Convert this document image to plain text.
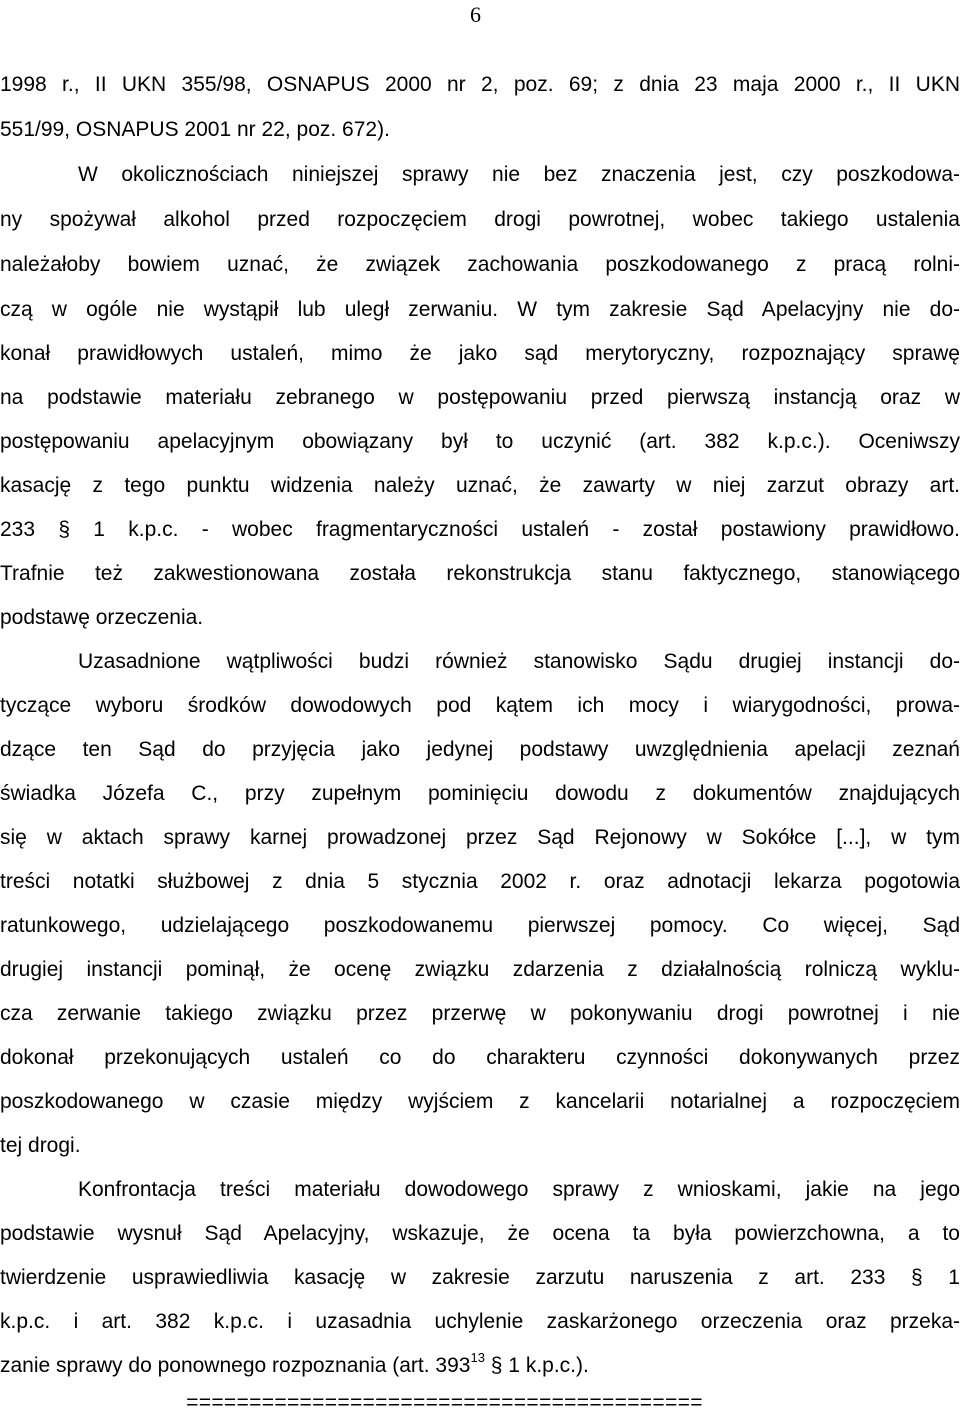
6
1998 r., II UKN 355/98, OSNAPUS 2000 nr 2, poz. 69; z dnia 23 maja 2000 r., II UKN
551/99, OSNAPUS 2001 nr 22, poz. 672).
W okolicznościach niniejszej sprawy nie bez znaczenia jest, czy poszkodowa-
ny spożywał alkohol przed rozpoczęciem drogi powrotnej, wobec takiego ustalenia
należałoby bowiem uznać, że związek zachowania poszkodowanego z pracą rolni-
czą w ogóle nie wystąpił lub uległ zerwaniu. W tym zakresie Sąd Apelacyjny nie do-
konał prawidłowych ustaleń, mimo że jako sąd merytoryczny, rozpoznający sprawę
na podstawie materiału zebranego w postępowaniu przed pierwszą instancją oraz w
postępowaniu apelacyjnym obowiązany był to uczynić (art. 382 k.p.c.). Oceniwszy
kasację z tego punktu widzenia należy uznać, że zawarty w niej zarzut obrazy art.
233 § 1 k.p.c. - wobec fragmentaryczności ustaleń - został postawiony prawidłowo.
Trafnie też zakwestionowana została rekonstrukcja stanu faktycznego, stanowiącego
podstawę orzeczenia.
Uzasadnione wątpliwości budzi również stanowisko Sądu drugiej instancji do-
tyczące wyboru środków dowodowych pod kątem ich mocy i wiarygodności, prowa-
dzące ten Sąd do przyjęcia jako jedynej podstawy uwzględnienia apelacji zeznań
świadka Józefa C., przy zupełnym pominięciu dowodu z dokumentów znajdujących
się w aktach sprawy karnej prowadzonej przez Sąd Rejonowy w Sokółce [...], w tym
treści notatki służbowej z dnia 5 stycznia 2002 r. oraz adnotacji lekarza pogotowia
ratunkowego, udzielającego poszkodowanemu pierwszej pomocy. Co więcej, Sąd
drugiej instancji pominął, że ocenę związku zdarzenia z działalnością rolniczą wyklu-
cza zerwanie takiego związku przez przerwę w pokonywaniu drogi powrotnej i nie
dokonał przekonujących ustaleń co do charakteru czynności dokonywanych przez
poszkodowanego w czasie między wyjściem z kancelarii notarialnej a rozpoczęciem
tej drogi.
Konfrontacja treści materiału dowodowego sprawy z wnioskami, jakie na jego
podstawie wysnuł Sąd Apelacyjny, wskazuje, że ocena ta była powierzchowna, a to
twierdzenie usprawiedliwia kasację w zakresie zarzutu naruszenia z art. 233 § 1
k.p.c. i art. 382 k.p.c. i uzasadnia uchylenie zaskarżonego orzeczenia oraz przeka-
zanie sprawy do ponownego rozpoznania (art. $393^{13}$ § 1 k.p.c.).
=========================================
